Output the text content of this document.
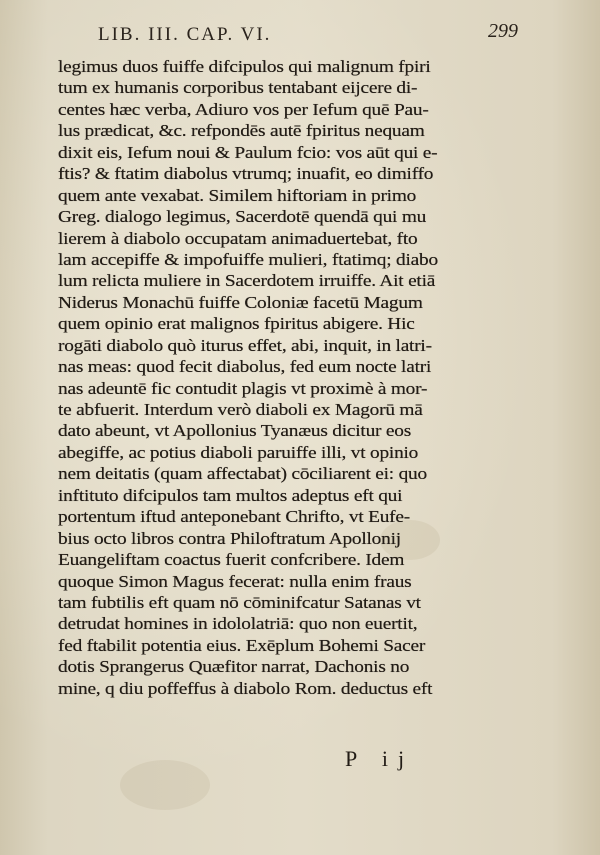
LIB. III. CAP. VI.	299
legimus duos fuiffe difcipulos qui malignum fpiri
tum ex humanis corporibus tentabant eijcere di-
centes hæc verba, Adiuro vos per Iefum quē Pau-
lus prædicat, &c. refpondēs autē fpiritus nequam
dixit eis, Iefum noui & Paulum fcio: vos aūt qui e-
ftis? & ftatim diabolus vtrumq; inuafit, eo dimiffo
quem ante vexabat. Similem hiftoriam in primo
Greg. dialogo legimus, Sacerdotē quendā qui mu
lierem à diabolo occupatam animaduertebat, fto
lam accepiffe & impofuiffe mulieri, ftatimq; diabo
lum relicta muliere in Sacerdotem irruiffe. Ait etiā
Niderus Monachū fuiffe Coloniæ facetū Magum
quem opinio erat malignos fpiritus abigere. Hic
rogāti diabolo quò iturus effet, abi, inquit, in latri-
nas meas: quod fecit diabolus, fed eum nocte latri
nas adeuntē fic contudit plagis vt proximè à mor-
te abfuerit. Interdum verò diaboli ex Magorū mā
dato abeunt, vt Apollonius Tyanæus dicitur eos
abegiffe, ac potius diaboli paruiffe illi, vt opinio
nem deitatis (quam affectabat) cōciliarent ei: quo
inftituto difcipulos tam multos adeptus eft qui
portentum iftud anteponebant Chrifto, vt Eufe-
bius octo libros contra Philoftratum Apollonij
Euangeliftam coactus fuerit confcribere. Idem
quoque Simon Magus fecerat: nulla enim fraus
tam fubtilis eft quam nō cōminifcatur Satanas vt
detrudat homines in idololatriā: quo non euertit,
fed ftabilit potentia eius. Exēplum Bohemi Sacer
dotis Sprangerus Quæfitor narrat, Dachonis no
mine, q diu poffeffus à diabolo Rom. deductus eft
P ij
